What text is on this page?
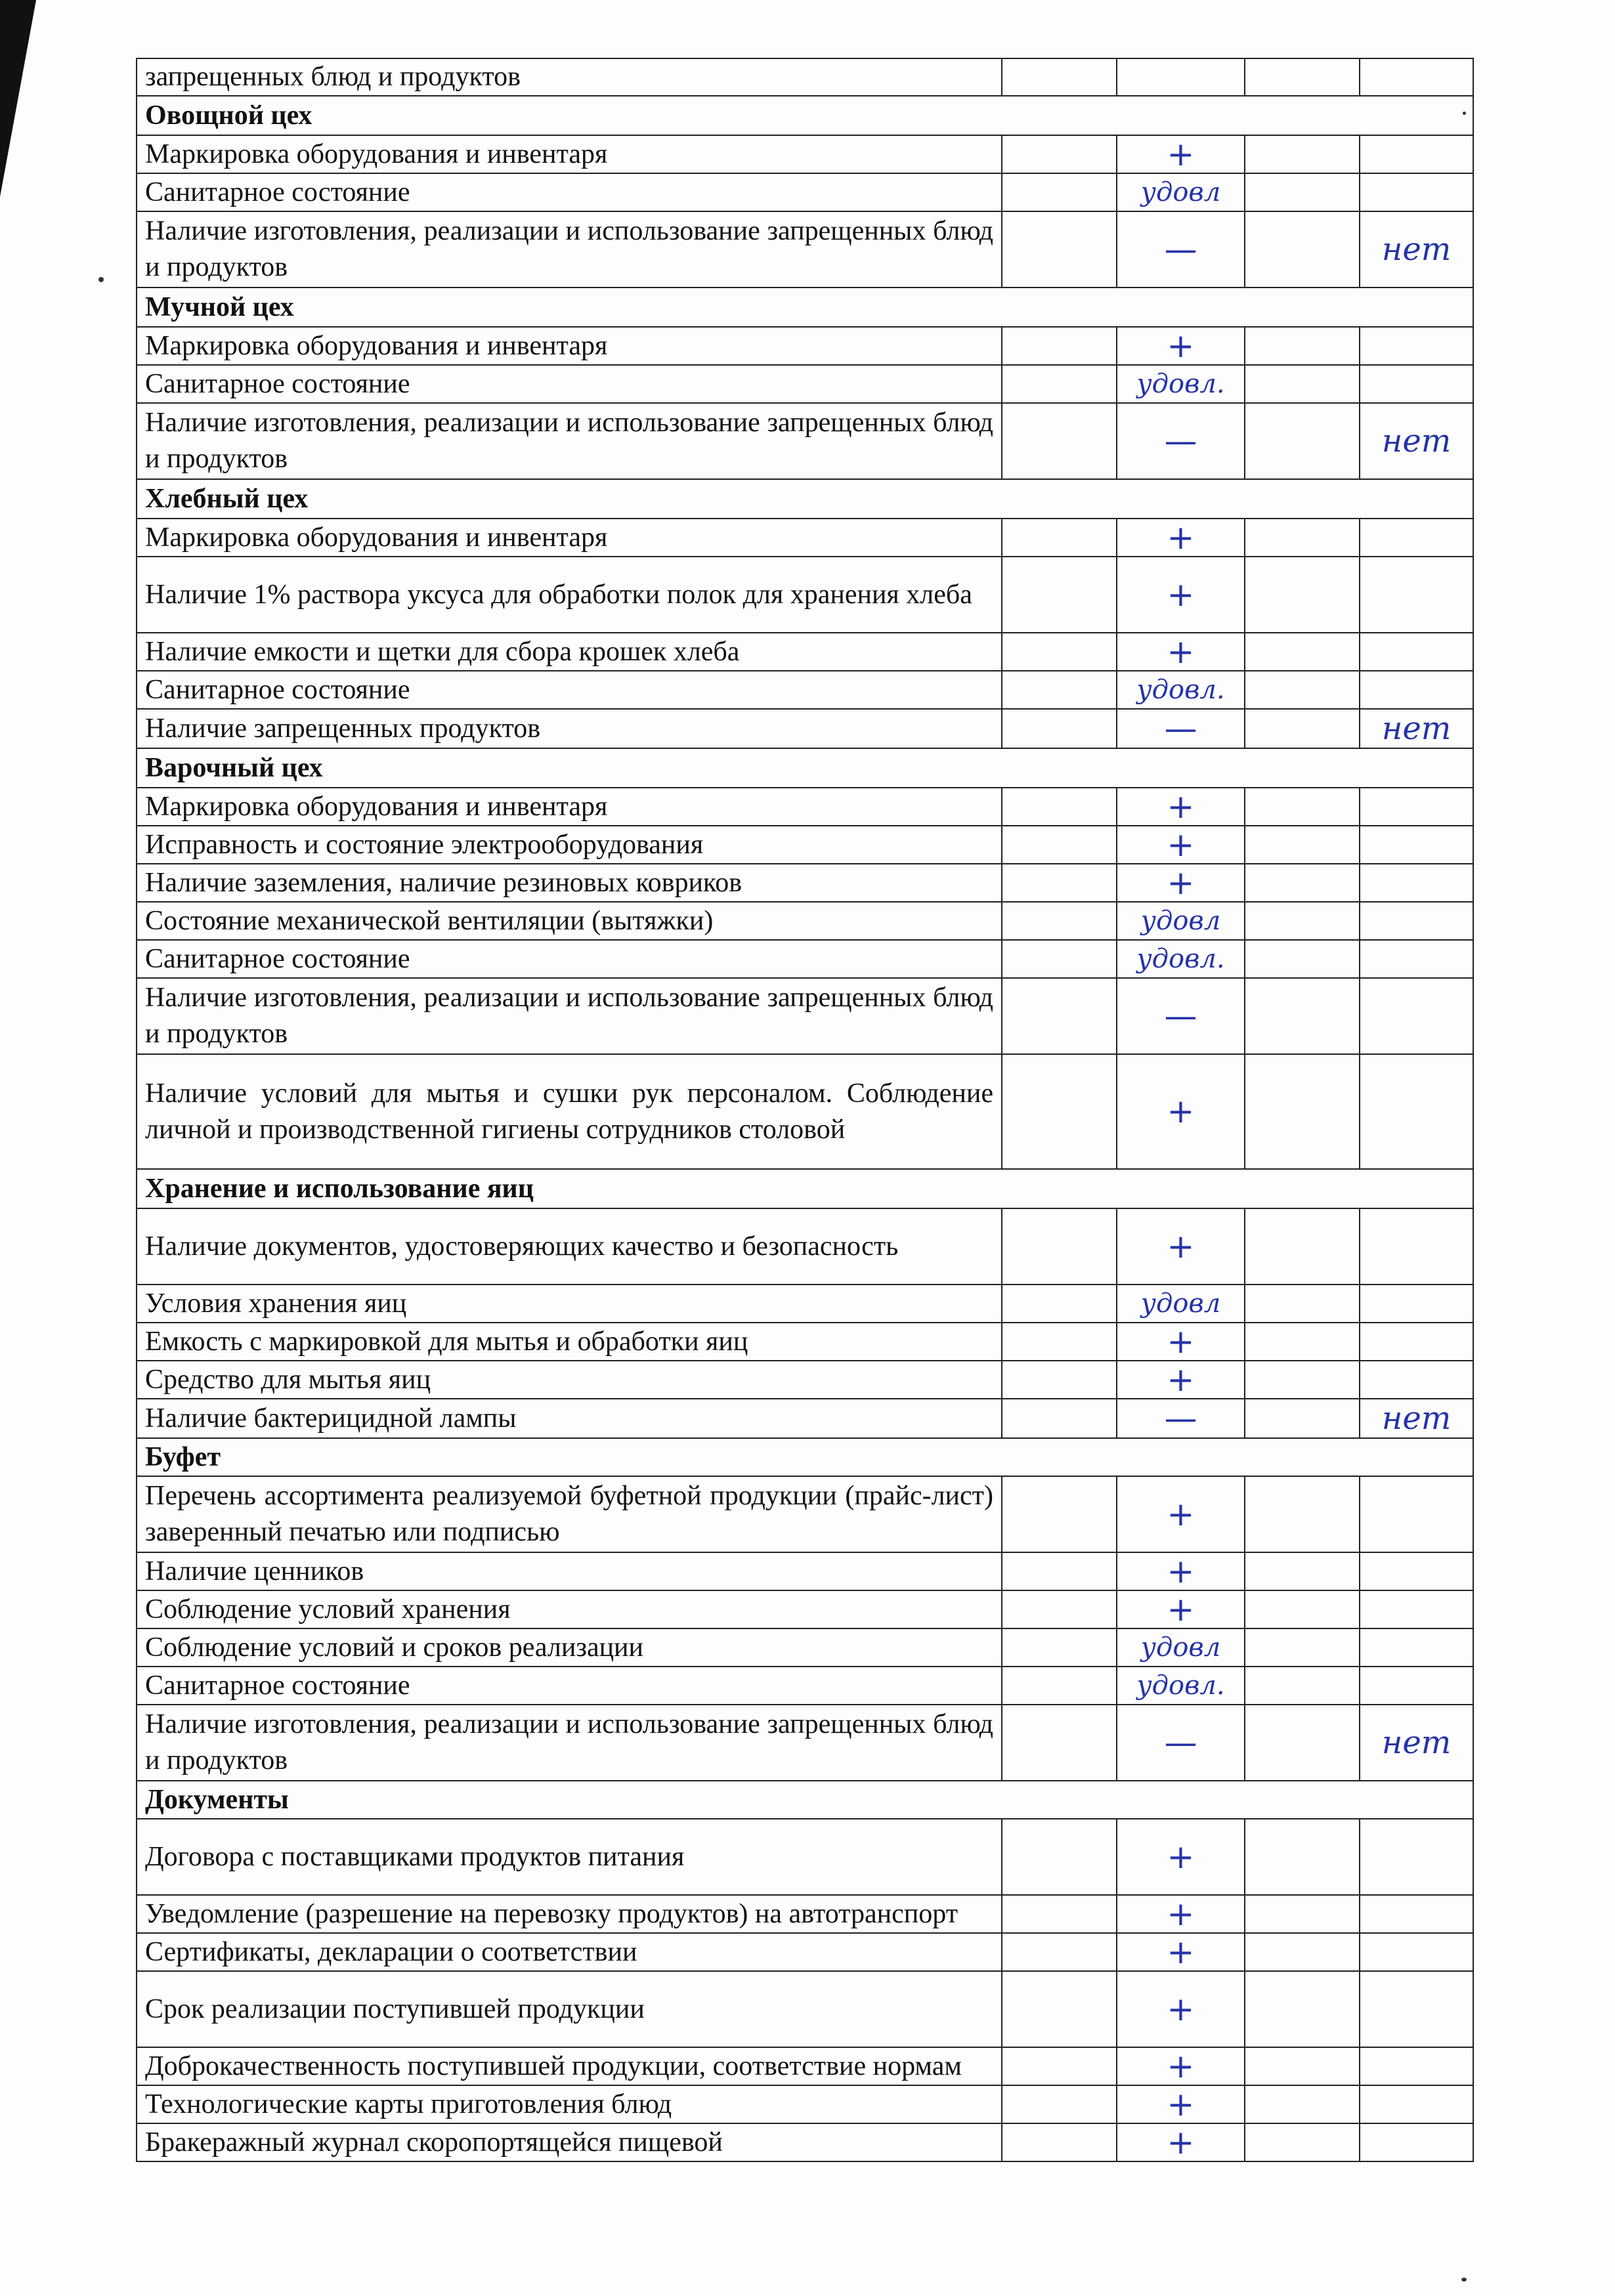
запрещенных блюд и продуктов				
Овощной цех				
Маркировка оборудования и инвентаря		+		
Санитарное состояние		удовл		
Наличие изготовления, реализации и использование запрещенных блюд и продуктов		—		нет
Мучной цех				
Маркировка оборудования и инвентаря		+		
Санитарное состояние		удовл.		
Наличие изготовления, реализации и использование запрещенных блюд и продуктов		—		нет
Хлебный цех				
Маркировка оборудования и инвентаря		+		
Наличие 1% раствора уксуса для обработки полок для хранения хлеба		+		
Наличие емкости и щетки для сбора крошек хлеба		+		
Санитарное состояние		удовл.		
Наличие запрещенных продуктов		—		нет
Варочный цех				
Маркировка оборудования и инвентаря		+		
Исправность и состояние электрооборудования		+		
Наличие заземления, наличие резиновых ковриков		+		
Состояние механической вентиляции (вытяжки)		удовл		
Санитарное состояние		удовл.		
Наличие изготовления, реализации и использование запрещенных блюд и продуктов		—		
Наличие условий для мытья и сушки рук персоналом. Соблюдение личной и производственной гигиены сотрудников столовой		+		
Хранение и использование яиц				
Наличие документов, удостоверяющих качество и безопасность		+		
Условия хранения яиц		удовл		
Емкость с маркировкой для мытья и обработки яиц		+		
Средство для мытья яиц		+		
Наличие бактерицидной лампы		—		нет
Буфет				
Перечень ассортимента реализуемой буфетной продукции (прайс-лист) заверенный печатью или подписью		+		
Наличие ценников		+		
Соблюдение условий хранения		+		
Соблюдение условий и сроков реализации		удовл		
Санитарное состояние		удовл.		
Наличие изготовления, реализации и использование запрещенных блюд и продуктов		—		нет
Документы				
Договора с поставщиками продуктов питания		+		
Уведомление (разрешение на перевозку продуктов) на автотранспорт		+		
Сертификаты, декларации о соответствии		+		
Срок реализации поступившей продукции		+		
Доброкачественность поступившей продукции, соответствие нормам		+		
Технологические карты приготовления блюд		+		
Бракеражный журнал скоропортящейся пищевой		+		
